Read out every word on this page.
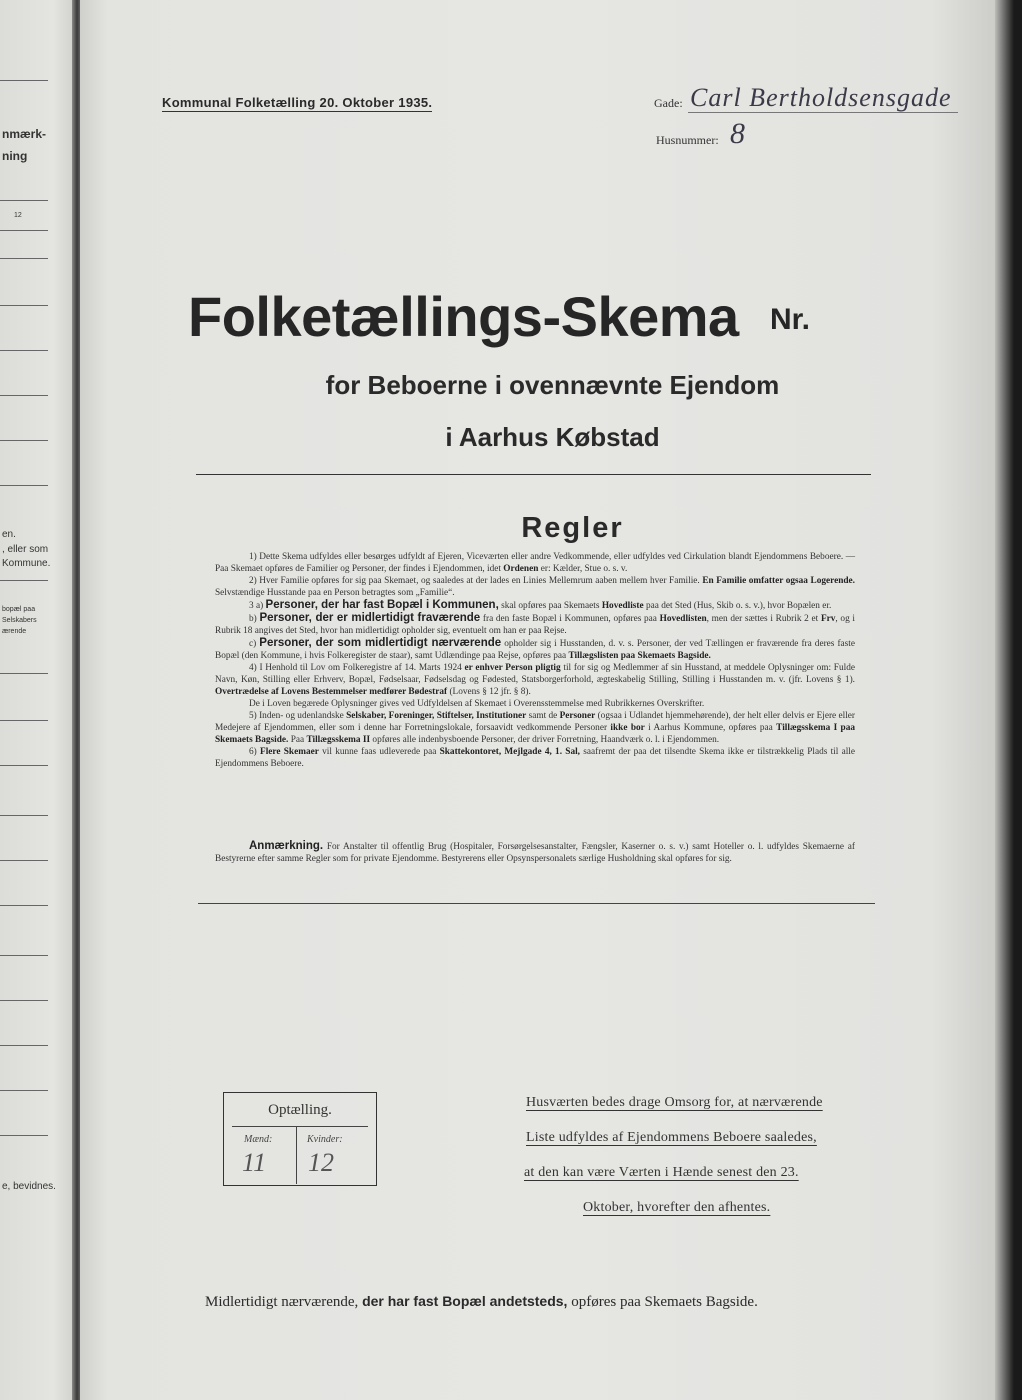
nmærk-
ning
12
en.
, eller som
Kommune.
bopæl paa
Selskabers
ærende
e, bevidnes.
Kommunal Folketælling 20. Oktober 1935.	Gade: Carl Bertholdsensgade
Husnummer: 8
Folketællings-Skema Nr.
for Beboerne i ovennævnte Ejendom
i Aarhus Købstad
Regler

1) Dette Skema udfyldes eller besørges udfyldt af Ejeren, Viceværten eller andre Vedkommende, eller udfyldes ved Cirkulation blandt Ejendommens Beboere. — Paa Skemaet opføres de Familier og Personer, der findes i Ejendommen, idet Ordenen er: Kælder, Stue o. s. v.

2) Hver Familie opføres for sig paa Skemaet, og saaledes at der lades en Linies Mellemrum aaben mellem hver Familie. En Familie omfatter ogsaa Logerende. Selvstændige Husstande paa en Person betragtes som „Familie“.

3 a) Personer, der har fast Bopæl i Kommunen, skal opføres paa Skemaets Hovedliste paa det Sted (Hus, Skib o. s. v.), hvor Bopælen er.

b) Personer, der er midlertidigt fraværende fra den faste Bopæl i Kommunen, opføres paa Hovedlisten, men der sættes i Rubrik 2 et Frv, og i Rubrik 18 angives det Sted, hvor han midlertidigt opholder sig, eventuelt om han er paa Rejse.

c) Personer, der som midlertidigt nærværende opholder sig i Husstanden, d. v. s. Personer, der ved Tællingen er fraværende fra deres faste Bopæl (den Kommune, i hvis Folkeregister de staar), samt Udlændinge paa Rejse, opføres paa Tillægslisten paa Skemaets Bagside.

4) I Henhold til Lov om Folkeregistre af 14. Marts 1924 er enhver Person pligtig til for sig og Medlemmer af sin Husstand, at meddele Oplysninger om: Fulde Navn, Køn, Stilling eller Erhverv, Bopæl, Fødselsaar, Fødselsdag og Fødested, Statsborgerforhold, ægteskabelig Stilling, Stilling i Husstanden m. v. (jfr. Lovens § 1). Overtrædelse af Lovens Bestemmelser medfører Bødestraf (Lovens § 12 jfr. § 8).

De i Loven begærede Oplysninger gives ved Udfyldelsen af Skemaet i Overensstemmelse med Rubrikkernes Overskrifter.

5) Inden- og udenlandske Selskaber, Foreninger, Stiftelser, Institutioner samt de Personer (ogsaa i Udlandet hjemmehørende), der helt eller delvis er Ejere eller Medejere af Ejendommen, eller som i denne har Forretningslokale, forsaavidt vedkommende Personer ikke bor i Aarhus Kommune, opføres paa Tillægsskema I paa Skemaets Bagside. Paa Tillægsskema II opføres alle indenbysboende Personer, der driver Forretning, Haandværk o. l. i Ejendommen.

6) Flere Skemaer vil kunne faas udleverede paa Skattekontoret, Mejlgade 4, 1. Sal, saafremt der paa det tilsendte Skema ikke er tilstrækkelig Plads til alle Ejendommens Beboere.

Anmærkning. For Anstalter til offentlig Brug (Hospitaler, Forsørgelsesanstalter, Fængsler, Kaserner o. s. v.) samt Hoteller o. l. udfyldes Skemaerne af Bestyrerne efter samme Regler som for private Ejendomme. Bestyrerens eller Opsynspersonalets særlige Husholdning skal opføres for sig.
Optælling.
Mænd:	Kvinder:
11 12
Husværten bedes drage Omsorg for, at nærværende
Liste udfyldes af Ejendommens Beboere saaledes,
at den kan være Værten i Hænde senest den 23.
Oktober, hvorefter den afhentes.
Midlertidigt nærværende, der har fast Bopæl andetsteds, opføres paa Skemaets Bagside.
